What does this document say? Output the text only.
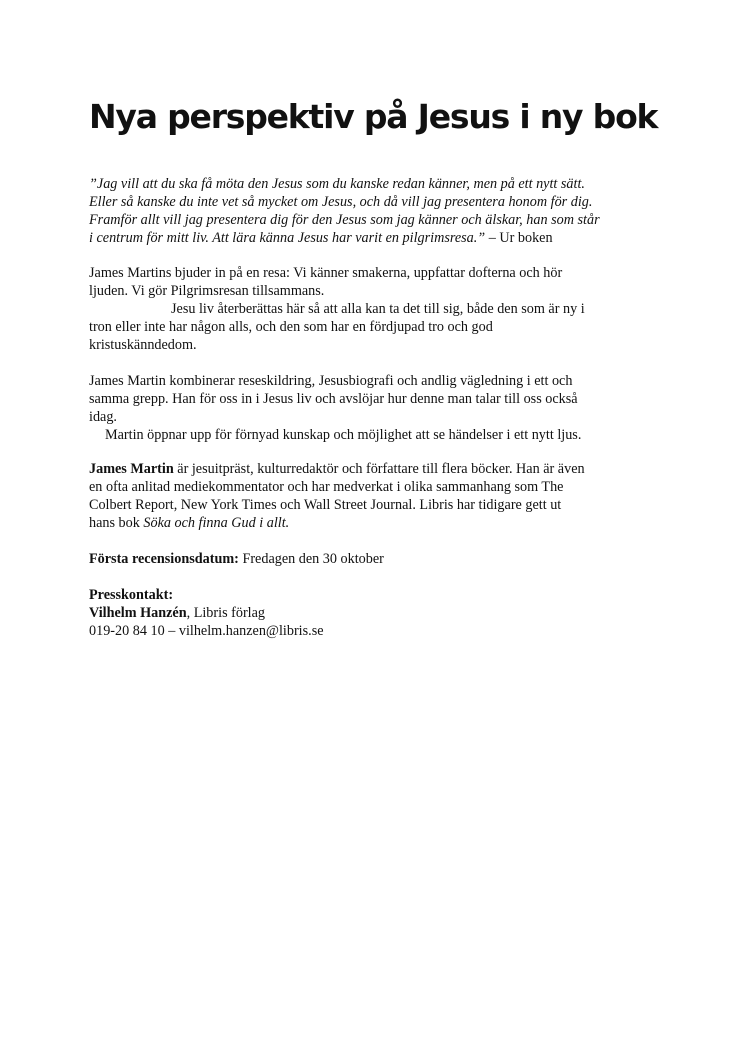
Nya perspektiv på Jesus i ny bok
”Jag vill att du ska få möta den Jesus som du kanske redan känner, men på ett nytt sätt.
Eller så kanske du inte vet så mycket om Jesus, och då vill jag presentera honom för dig.
Framför allt vill jag presentera dig för den Jesus som jag känner och älskar, han som står
i centrum för mitt liv. Att lära känna Jesus har varit en pilgrimsresa.” – Ur boken
James Martins bjuder in på en resa: Vi känner smakerna, uppfattar dofterna och hör
ljuden. Vi gör Pilgrimsresan tillsammans.
Jesu liv återberättas här så att alla kan ta det till sig, både den som är ny i
tron eller inte har någon alls, och den som har en fördjupad tro och god
kristuskänndedom.
James Martin kombinerar reseskildring, Jesusbiografi och andlig vägledning i ett och
samma grepp. Han för oss in i Jesus liv och avslöjar hur denne man talar till oss också
idag.
Martin öppnar upp för förnyad kunskap och möjlighet att se händelser i ett nytt ljus.
James Martin är jesuitpräst, kulturredaktör och författare till flera böcker. Han är även
en ofta anlitad mediekommentator och har medverkat i olika sammanhang som The
Colbert Report, New York Times och Wall Street Journal. Libris har tidigare gett ut
hans bok Söka och finna Gud i allt.
Första recensionsdatum: Fredagen den 30 oktober
Presskontakt:
Vilhelm Hanzén, Libris förlag
019-20 84 10 – vilhelm.hanzen@libris.se
